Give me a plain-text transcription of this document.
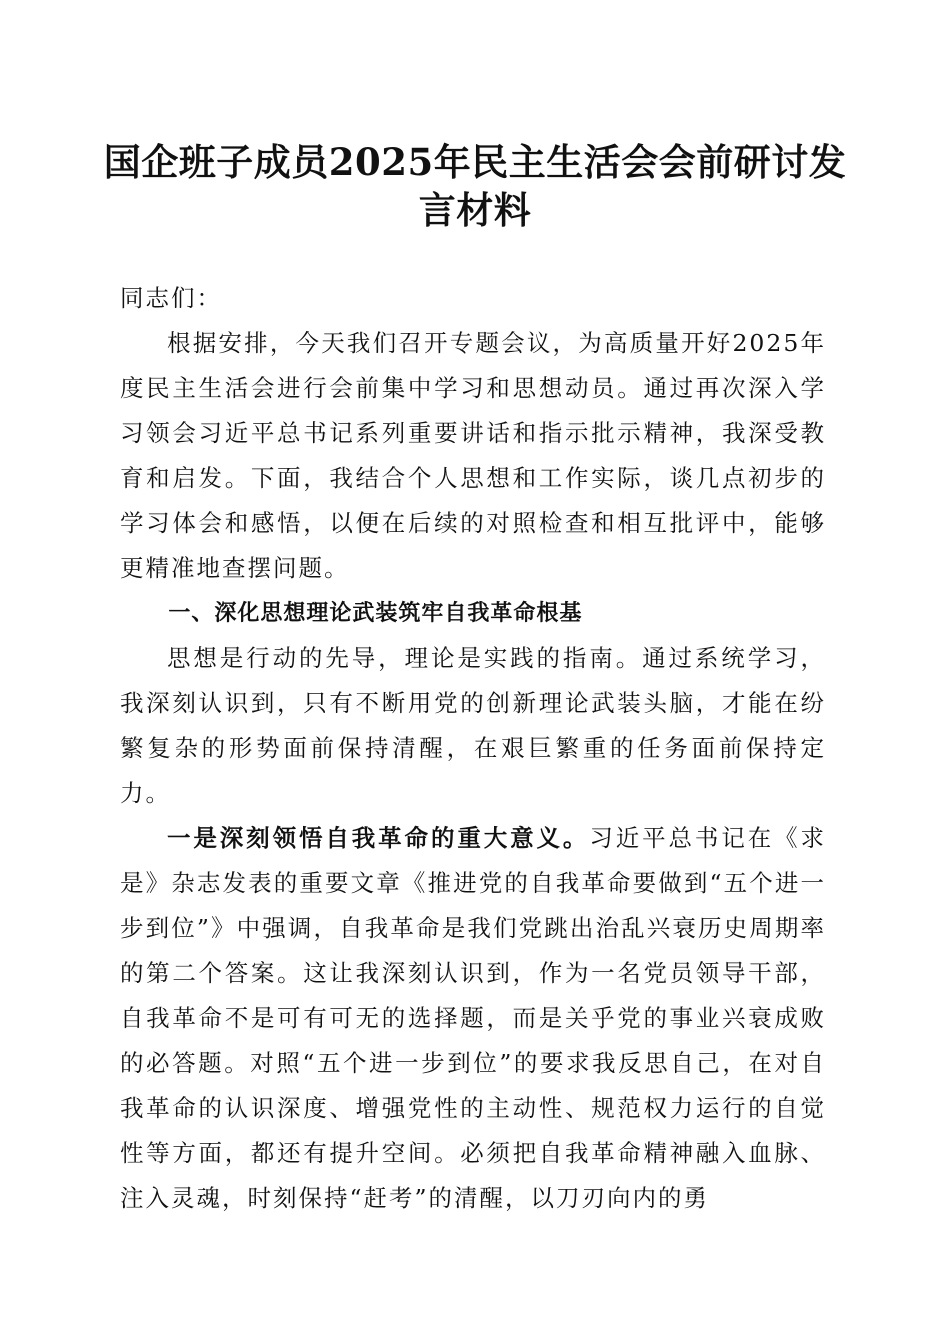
国企班子成员2025年民主生活会会前研讨发
言材料

同志们：

根据安排，今天我们召开专题会议，为高质量开好2025年度民主生活会进行会前集中学习和思想动员。通过再次深入学习领会习近平总书记系列重要讲话和指示批示精神，我深受教育和启发。下面，我结合个人思想和工作实际，谈几点初步的学习体会和感悟，以便在后续的对照检查和相互批评中，能够更精准地查摆问题。

一、深化思想理论武装筑牢自我革命根基

思想是行动的先导，理论是实践的指南。通过系统学习，我深刻认识到，只有不断用党的创新理论武装头脑，才能在纷繁复杂的形势面前保持清醒，在艰巨繁重的任务面前保持定力。

一是深刻领悟自我革命的重大意义。习近平总书记在《求是》杂志发表的重要文章《推进党的自我革命要做到“五个进一步到位”》中强调，自我革命是我们党跳出治乱兴衰历史周期率的第二个答案。这让我深刻认识到，作为一名党员领导干部，自我革命不是可有可无的选择题，而是关乎党的事业兴衰成败的必答题。对照“五个进一步到位”的要求我反思自己，在对自我革命的认识深度、增强党性的主动性、规范权力运行的自觉性等方面，都还有提升空间。必须把自我革命精神融入血脉、注入灵魂，时刻保持“赶考”的清醒，以刀刃向内的勇
